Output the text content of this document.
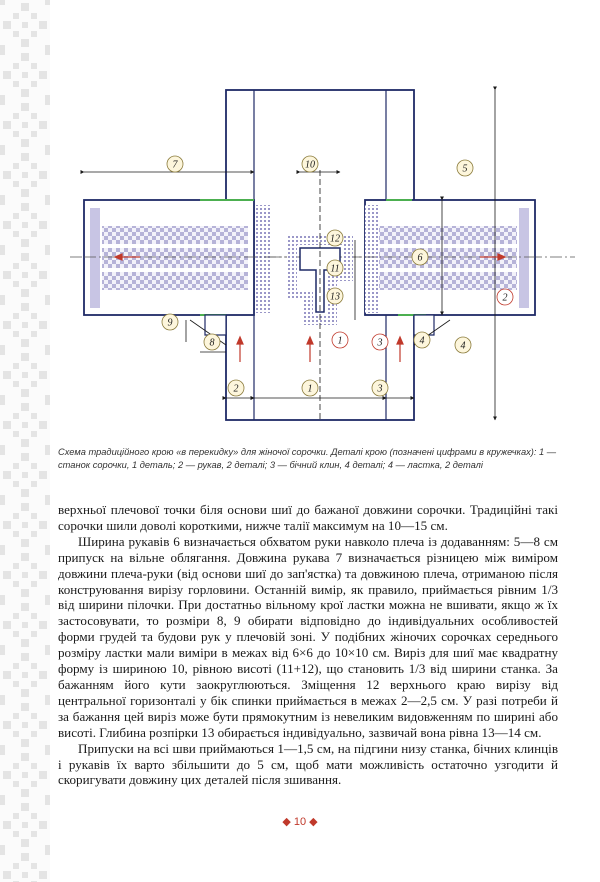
7	10	5
12
11
13
6
2
9
8
1	3
4	4
2
1	3
Схема традиційного крою «в перекидку» для жіночої сорочки. Деталі крою (позначені цифрами в кружечках): 1 — станок сорочки, 1 деталь; 2 — рукав, 2 деталі; 3 — бічний клин, 4 деталі; 4 — ластка, 2 деталі

верхньої плечової точки біля основи шиї до бажаної довжини сорочки. Традиційні такі сорочки шили доволі короткими, нижче талії максимум на 10—15 см.

Ширина рукавів 6 визначається обхватом руки навколо плеча із додаванням: 5—8 см припуск на вільне облягання. Довжина рукава 7 визначається різницею між виміром довжини плеча-руки (від основи шиї до зап'ястка) та довжиною плеча, отриманою після конструювання вирізу горловини. Останній вимір, як правило, приймається рівним 1/3 від ширини пілочки. При достатньо вільному крої ластки можна не вшивати, якщо ж їх застосовувати, то розміри 8, 9 обирати відповідно до індивідуальних особливостей форми грудей та будови рук у плечовій зоні. У подібних жіночих сорочках середнього розміру ластки мали виміри в межах від 6×6 до 10×10 см. Виріз для шиї має квадратну форму із шириною 10, рівною висоті (11+12), що становить 1/3 від ширини станка. За бажанням його кути заокруглюються. Зміщення 12 верхнього краю вирізу від центральної горизонталі у бік спинки приймається в межах 2—2,5 см. У разі потреби й за бажання цей виріз може бути прямокутним із невеликим видовженням по ширині або висоті. Глибина розпірки 13 обирається індивідуально, зазвичай вона рівна 13—14 см.

Припуски на всі шви приймаються 1—1,5 см, на підгини низу станка, бічних клинців і рукавів їх варто збільшити до 5 см, щоб мати можливість остаточно узгодити й скоригувати довжину цих деталей після зшивання.

◆ 10 ◆
